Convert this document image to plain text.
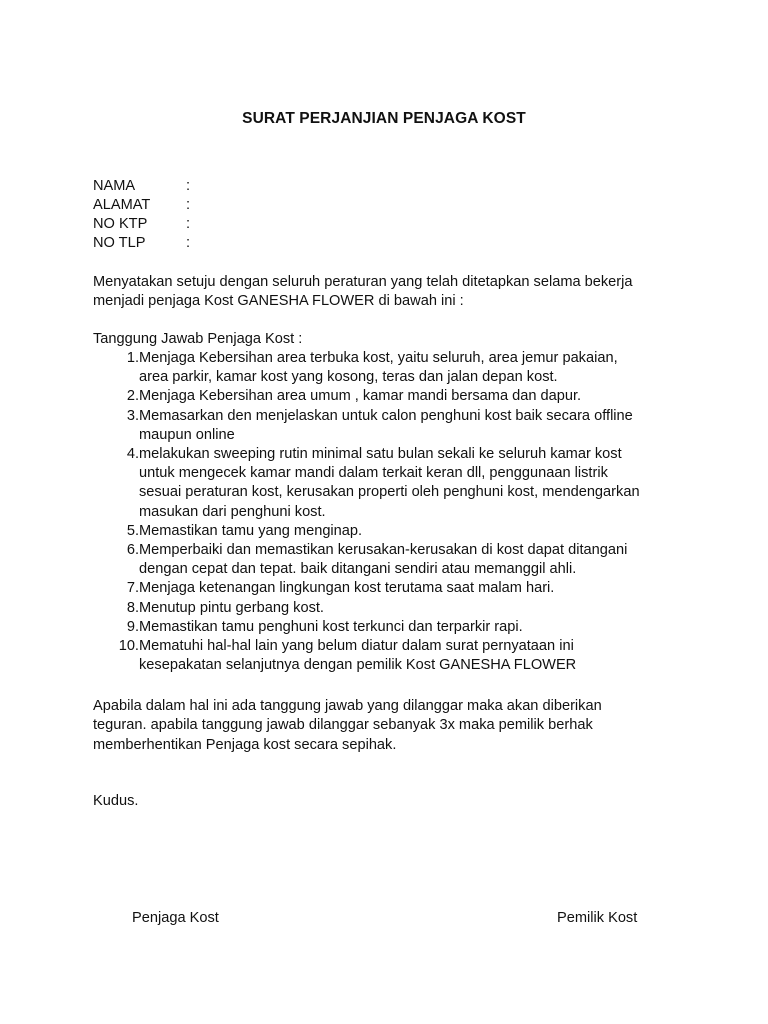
SURAT PERJANJIAN PENJAGA KOST
NAMA	:
ALAMAT	:
NO KTP	:
NO TLP	:
Menyatakan setuju dengan seluruh peraturan yang telah ditetapkan selama bekerja
menjadi penjaga Kost GANESHA FLOWER di bawah ini :
Tanggung Jawab Penjaga Kost :
1. Menjaga Kebersihan area terbuka kost, yaitu seluruh, area jemur pakaian,
area parkir, kamar kost yang kosong, teras dan jalan depan kost.
2. Menjaga Kebersihan area umum , kamar mandi bersama dan dapur.
3. Memasarkan den menjelaskan untuk calon penghuni kost baik secara offline
maupun online
4. melakukan sweeping rutin minimal satu bulan sekali ke seluruh kamar kost
untuk mengecek kamar mandi dalam terkait keran dll, penggunaan listrik
sesuai peraturan kost, kerusakan properti oleh penghuni kost, mendengarkan
masukan dari penghuni kost.
5. Memastikan tamu yang menginap.
6. Memperbaiki dan memastikan kerusakan-kerusakan di kost dapat ditangani
dengan cepat dan tepat. baik ditangani sendiri atau memanggil ahli.
7. Menjaga ketenangan lingkungan kost terutama saat malam hari.
8. Menutup pintu gerbang kost.
9. Memastikan tamu penghuni kost terkunci dan terparkir rapi.
10. Mematuhi hal-hal lain yang belum diatur dalam surat pernyataan ini
kesepakatan selanjutnya dengan pemilik Kost GANESHA FLOWER
Apabila dalam hal ini ada tanggung jawab yang dilanggar maka akan diberikan
teguran. apabila tanggung jawab dilanggar sebanyak 3x maka pemilik berhak
memberhentikan Penjaga kost secara sepihak.
Kudus.
Penjaga Kost	Pemilik Kost
